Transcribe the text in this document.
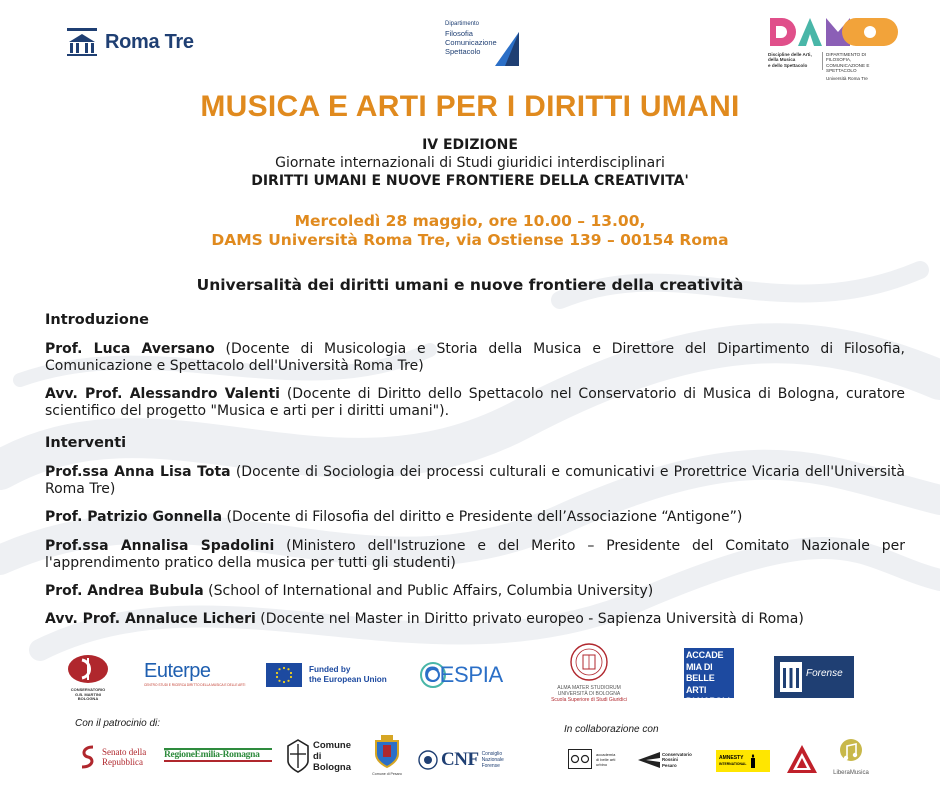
Roma Tre
Dipartimento
Filosofia
Comunicazione
Spettacolo	Discipline delle Arti,
della Musica
e dello Spettacolo
DIPARTIMENTO DI FILOSOFIA,
COMUNICAZIONE E SPETTACOLO
Università Roma Tre
MUSICA E ARTI PER I DIRITTI UMANI
IV EDIZIONE
Giornate internazionali di Studi giuridici interdisciplinari
DIRITTI UMANI E NUOVE FRONTIERE DELLA CREATIVITA'
Mercoledì 28 maggio, ore 10.00 – 13.00,
DAMS Università Roma Tre, via Ostiense 139 – 00154 Roma
Universalità dei diritti umani e nuove frontiere della creatività
Introduzione
Prof. Luca Aversano (Docente di Musicologia e Storia della Musica e Direttore del Dipartimento di Filosofia, Comunicazione e Spettacolo dell'Università Roma Tre)
Avv. Prof. Alessandro Valenti (Docente di Diritto dello Spettacolo nel Conservatorio di Musica di Bologna, curatore scientifico del progetto "Musica e arti per i diritti umani").
Interventi
Prof.ssa Anna Lisa Tota (Docente di Sociologia dei processi culturali e comunicativi e Prorettrice Vicaria dell'Università Roma Tre)
Prof. Patrizio Gonnella (Docente di Filosofia del diritto e Presidente dell’Associazione “Antigone”)
Prof.ssa Annalisa Spadolini (Ministero dell'Istruzione e del Merito – Presidente del Comitato Nazionale per l'apprendimento pratico della musica per tutti gli studenti)
Prof. Andrea Bubula (School of International and Public Affairs, Columbia University)
Avv. Prof. Annaluce Licheri (Docente nel Master in Diritto privato europeo - Sapienza Università di Roma)
CONSERVATORIO
G.B. MARTINI
BOLOGNA
Euterpe
CENTRO STUDI E RICERCA DIRITTO DELLA MUSICA E DELLE ARTI
Funded by
the European Union CESPIA
ALMA MATER STUDIORUM
UNIVERSITÀ DI BOLOGNA
Scuola Superiore di Studi Giuridici
ACCADE
MIA DI
BELLE ARTI
DI NAPOLI
Forense
Con il patrocinio di:
In collaborazione con
Senato della
Repubblica
RegioneEmilia-Romagna
Comune
di Bologna
Comune di Pesaro
CNF Consiglio
Nazionale
Forense
accademia
di belle arti
urbino
Conservatorio
Rossini
Pesaro
AMNESTY
INTERNATIONAL
LiberaMusica
